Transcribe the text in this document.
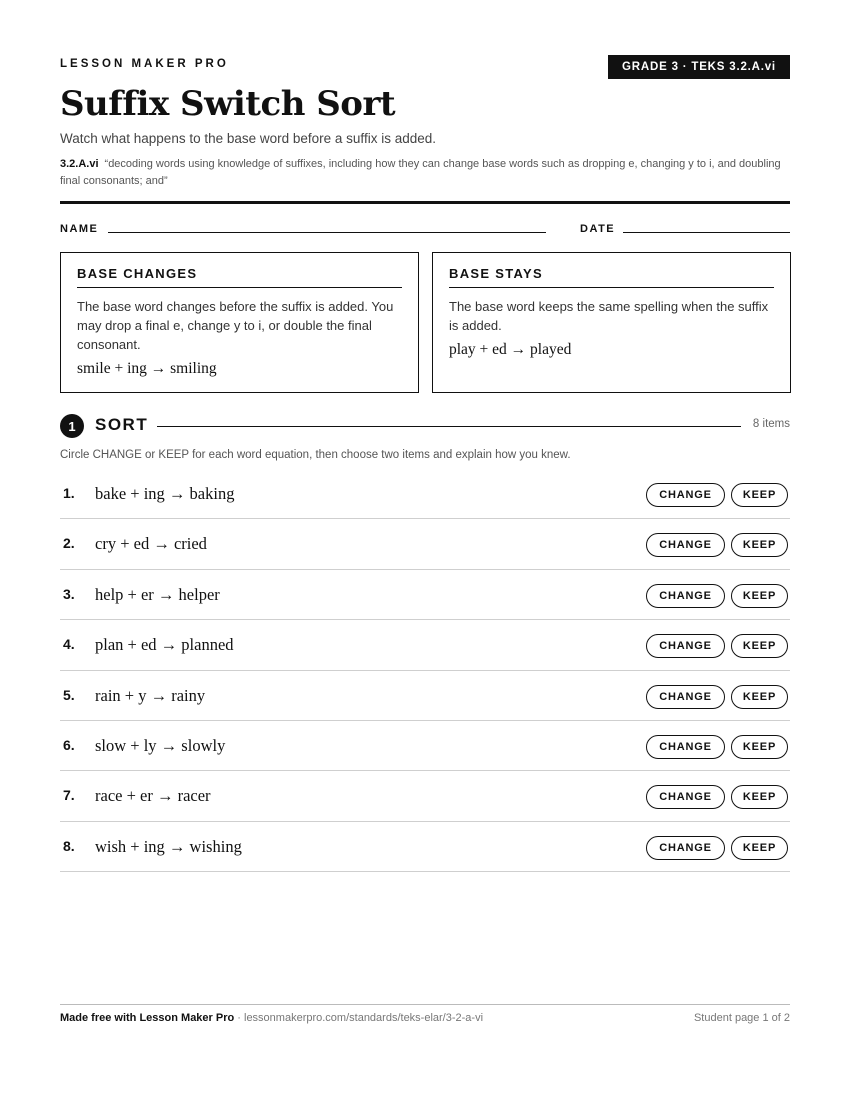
LESSON MAKER PRO	GRADE 3 · TEKS 3.2.A.vi
Suffix Switch Sort
Watch what happens to the base word before a suffix is added.
3.2.A.vi “decoding words using knowledge of suffixes, including how they can change base words such as dropping e, changing y to i, and doubling final consonants; and”
NAME	DATE
BASE CHANGES
The base word changes before the suffix is added. You may drop a final e, change y to i, or double the final consonant.
smile + ing → smiling
BASE STAYS
The base word keeps the same spelling when the suffix is added.
play + ed → played
1	SORT	8 items
Circle CHANGE or KEEP for each word equation, then choose two items and explain how you knew.
1. bake + ing → baking	CHANGE	KEEP
2. cry + ed → cried	CHANGE	KEEP
3. help + er → helper	CHANGE	KEEP
4. plan + ed → planned	CHANGE	KEEP
5. rain + y → rainy	CHANGE	KEEP
6. slow + ly → slowly	CHANGE	KEEP
7. race + er → racer	CHANGE	KEEP
8. wish + ing → wishing	CHANGE	KEEP
Made free with Lesson Maker Pro · lessonmakerpro.com/standards/teks-elar/3-2-a-vi	Student page 1 of 2
